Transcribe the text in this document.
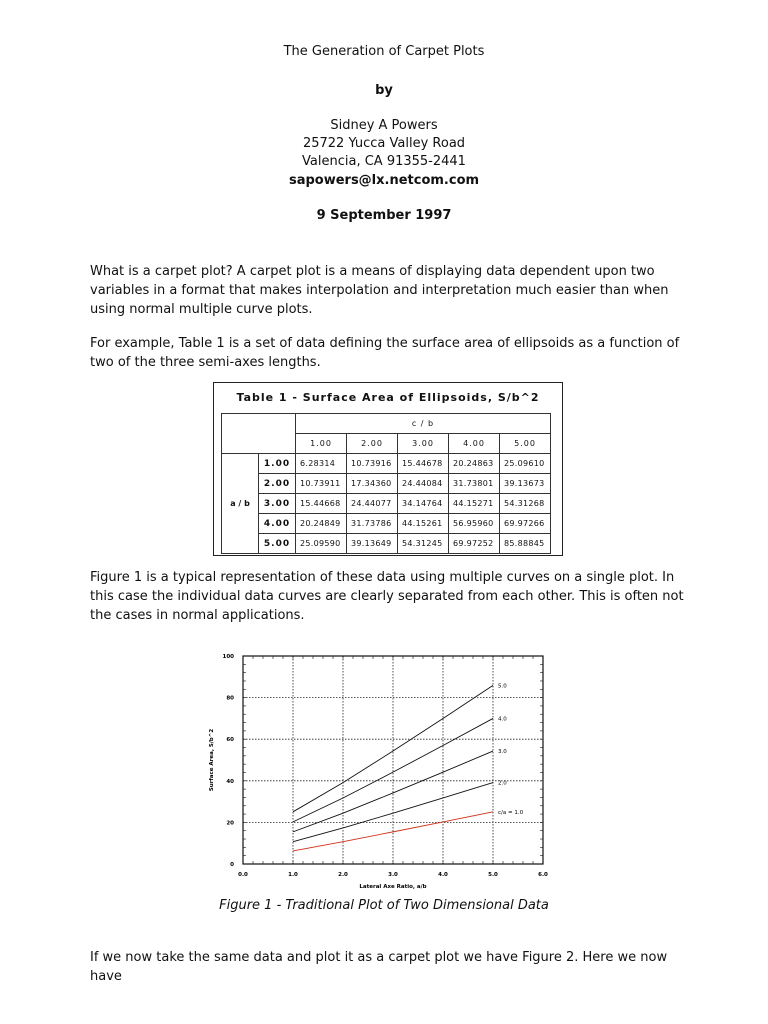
The Generation of Carpet Plots
by
Sidney A Powers
25722 Yucca Valley Road
Valencia, CA 91355-2441
sapowers@lx.netcom.com
9 September 1997
What is a carpet plot? A carpet plot is a means of displaying data dependent upon two variables in a format that makes interpolation and interpretation much easier than when using normal multiple curve plots.
For example, Table 1 is a set of data defining the surface area of ellipsoids as a function of two of the three semi-axes lengths.
Table 1 - Surface Area of Ellipsoids, S/b^2
		c / b				
		1.00	2.00	3.00	4.00	5.00
a / b	1.00	6.28314	10.73916	15.44678	20.24863	25.09610
	2.00	10.73911	17.34360	24.44084	31.73801	39.13673
	3.00	15.44668	24.44077	34.14764	44.15271	54.31268
	4.00	20.24849	31.73786	44.15261	56.95960	69.97266
	5.00	25.09590	39.13649	54.31245	69.97252	85.88845
Figure 1 is a typical representation of these data using multiple curves on a single plot. In this case the individual data curves are clearly separated from each other. This is often not the cases in normal applications.
0.0	1.0	2.0	3.0	4.0	5.0	6.0
0
20
40
60
80
100
c/a = 1.0
2.0
3.0
4.0
5.0
Lateral Axe Ratio, a/b
Surface Area, S/b^2
Figure 1 - Traditional Plot of Two Dimensional Data
If we now take the same data and plot it as a carpet plot we have Figure 2. Here we now have
